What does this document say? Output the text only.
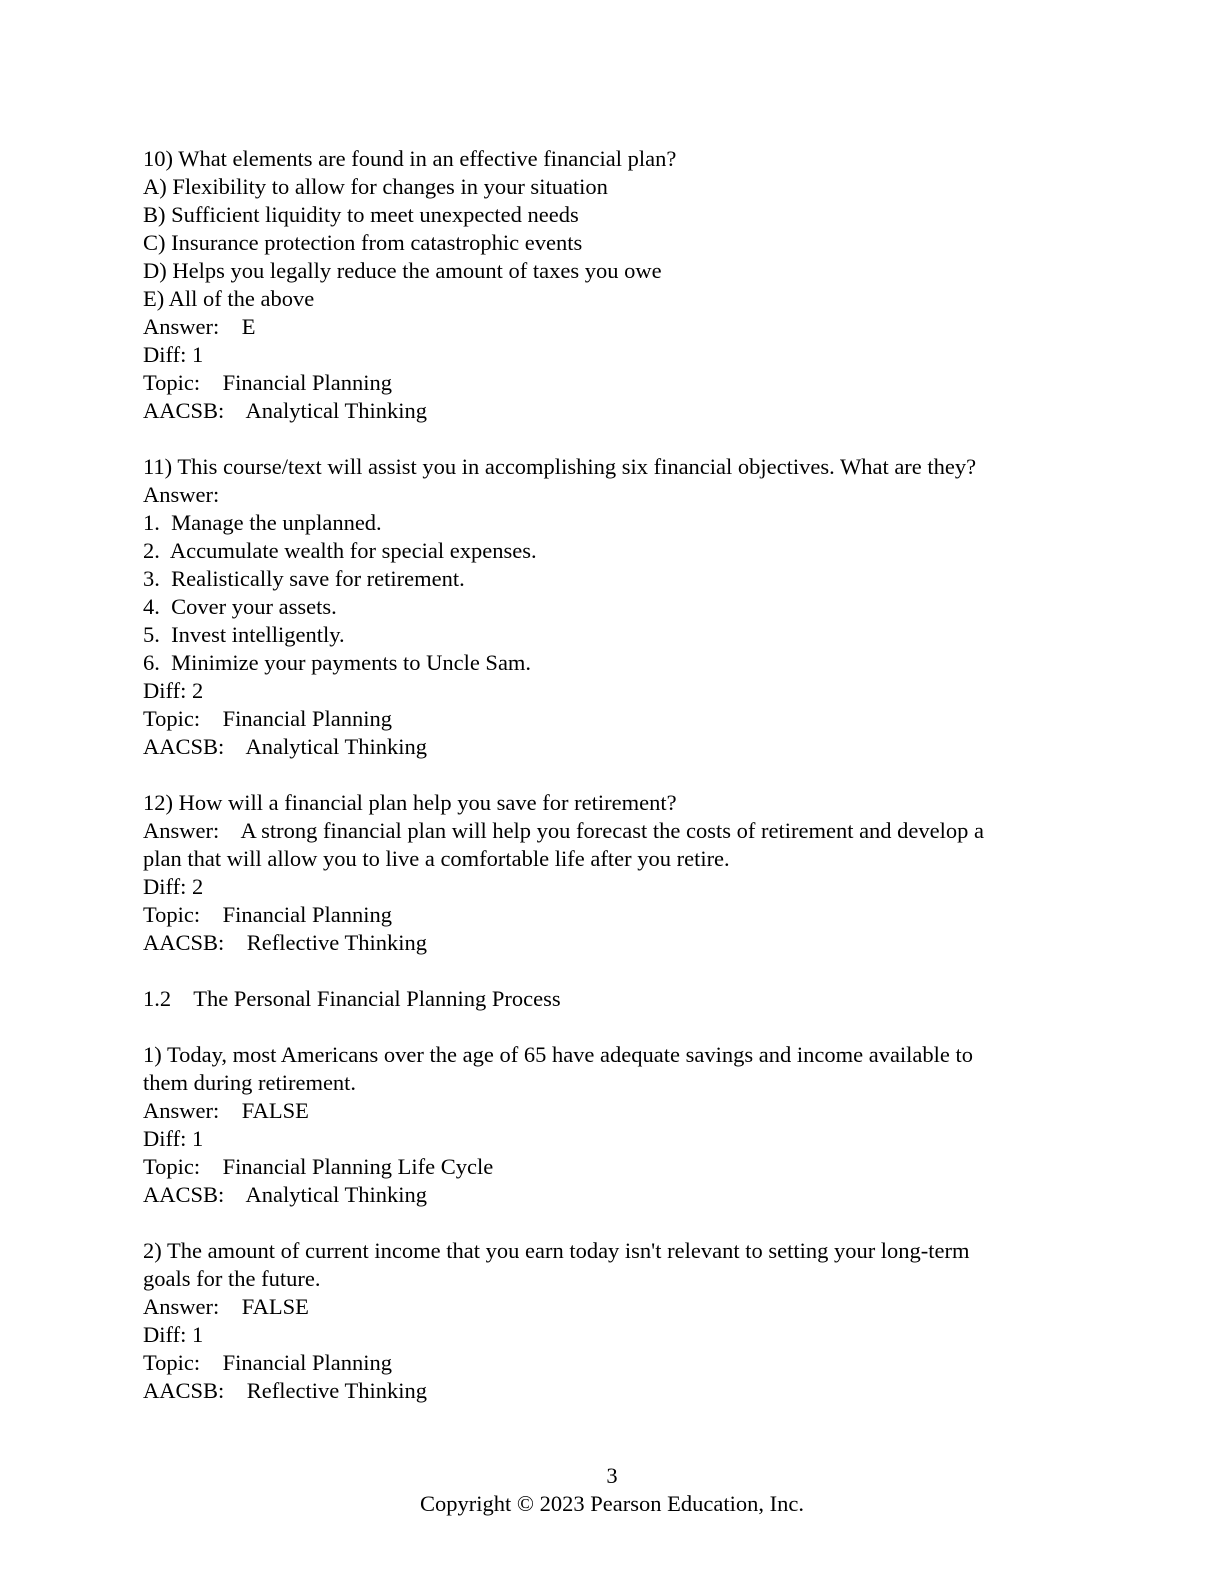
10) What elements are found in an effective financial plan?
A) Flexibility to allow for changes in your situation
B) Sufficient liquidity to meet unexpected needs
C) Insurance protection from catastrophic events
D) Helps you legally reduce the amount of taxes you owe
E) All of the above
Answer:    E
Diff: 1
Topic:    Financial Planning
AACSB:    Analytical Thinking
11) This course/text will assist you in accomplishing six financial objectives. What are they?
Answer:
1.  Manage the unplanned.
2.  Accumulate wealth for special expenses.
3.  Realistically save for retirement.
4.  Cover your assets.
5.  Invest intelligently.
6.  Minimize your payments to Uncle Sam.
Diff: 2
Topic:    Financial Planning
AACSB:    Analytical Thinking
12) How will a financial plan help you save for retirement?
Answer:    A strong financial plan will help you forecast the costs of retirement and develop a
plan that will allow you to live a comfortable life after you retire.
Diff: 2
Topic:    Financial Planning
AACSB:    Reflective Thinking
1.2    The Personal Financial Planning Process
1) Today, most Americans over the age of 65 have adequate savings and income available to
them during retirement.
Answer:    FALSE
Diff: 1
Topic:    Financial Planning Life Cycle
AACSB:    Analytical Thinking
2) The amount of current income that you earn today isn't relevant to setting your long-term
goals for the future.
Answer:    FALSE
Diff: 1
Topic:    Financial Planning
AACSB:    Reflective Thinking
3
Copyright © 2023 Pearson Education, Inc.
